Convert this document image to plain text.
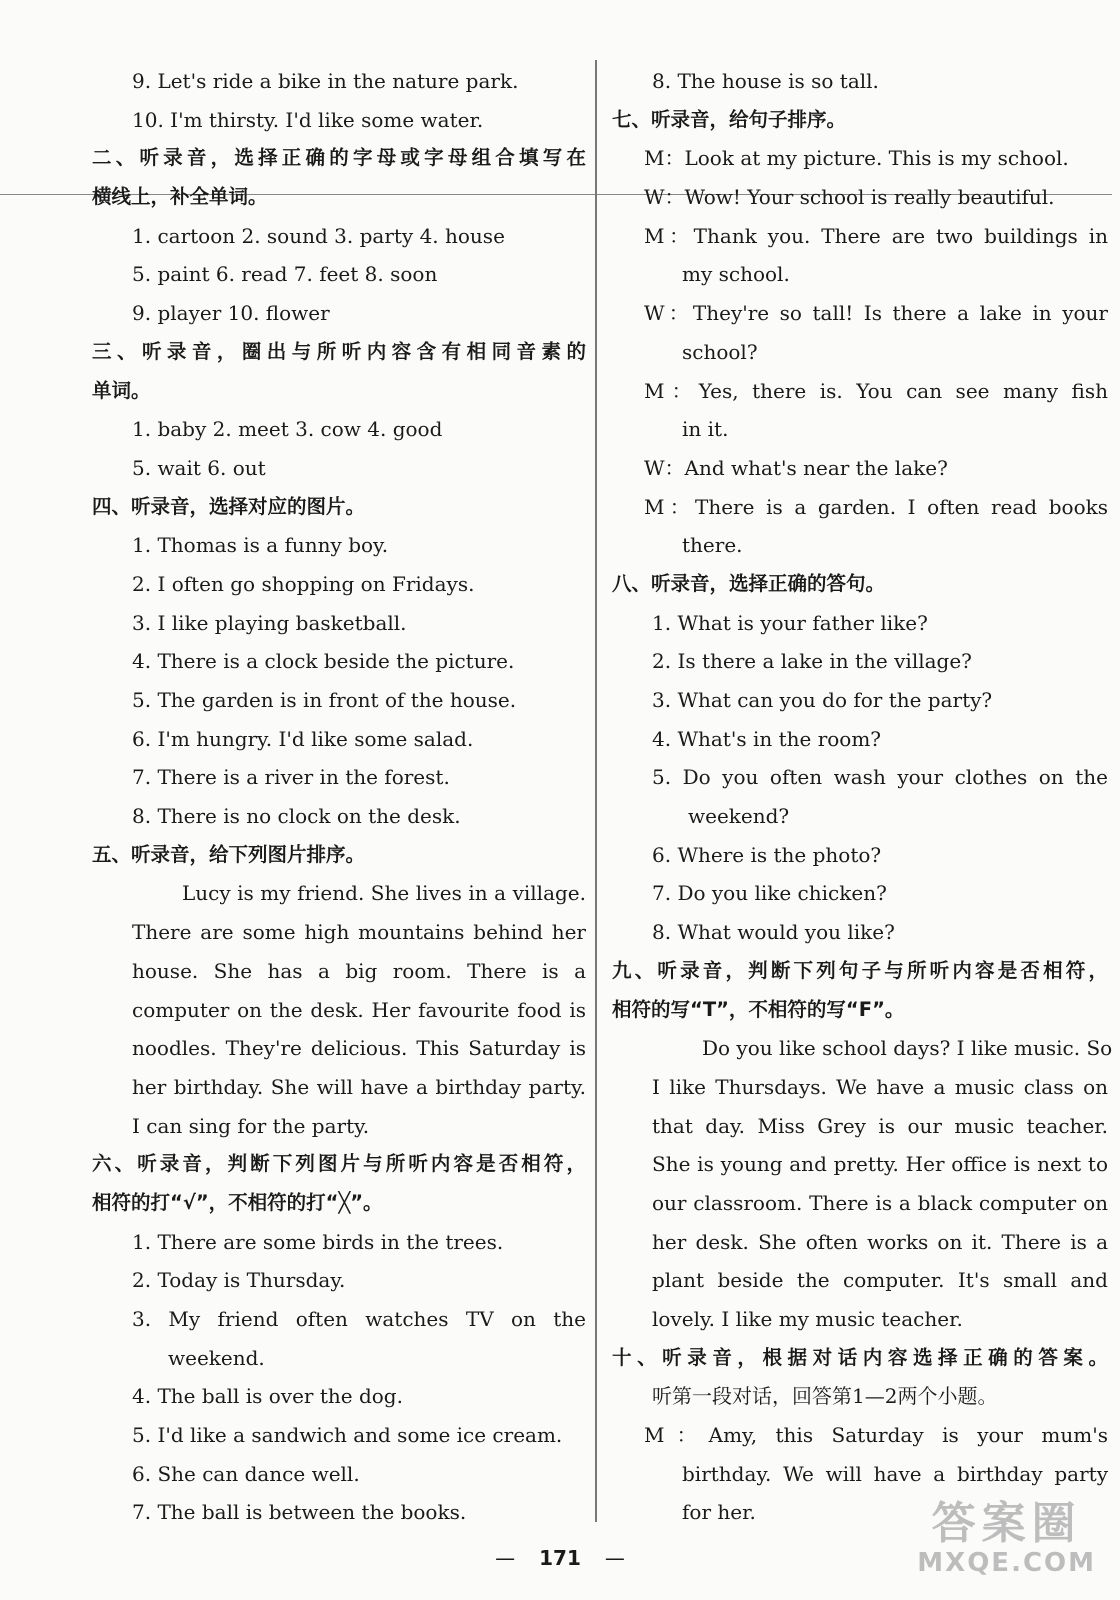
9. Let's ride a bike in the nature park.
10. I'm thirsty. I'd like some water.
二、听录音，选择正确的字母或字母组合填写在
横线上，补全单词。
1. cartoon 2. sound 3. party 4. house
5. paint 6. read 7. feet 8. soon
9. player 10. flower
三、听录音，圈出与所听内容含有相同音素的
单词。
1. baby 2. meet 3. cow 4. good
5. wait 6. out
四、听录音，选择对应的图片。
1. Thomas is a funny boy.
2. I often go shopping on Fridays.
3. I like playing basketball.
4. There is a clock beside the picture.
5. The garden is in front of the house.
6. I'm hungry. I'd like some salad.
7. There is a river in the forest.
8. There is no clock on the desk.
五、听录音，给下列图片排序。
Lucy is my friend. She lives in a village.
There are some high mountains behind her
house. She has a big room. There is a
computer on the desk. Her favourite food is
noodles. They're delicious. This Saturday is
her birthday. She will have a birthday party.
I can sing for the party.
六、听录音，判断下列图片与所听内容是否相符，
相符的打“√”，不相符的打“╳”。
1. There are some birds in the trees.
2. Today is Thursday.
3. My friend often watches TV on the
weekend.
4. The ball is over the dog.
5. I'd like a sandwich and some ice cream.
6. She can dance well.
7. The ball is between the books.
8. The house is so tall.
七、听录音，给句子排序。
M：Look at my picture. This is my school.
W：Wow! Your school is really beautiful.
M：Thank you. There are two buildings in
my school.
W：They're so tall! Is there a lake in your
school?
M：Yes, there is. You can see many fish
in it.
W：And what's near the lake?
M：There is a garden. I often read books
there.
八、听录音，选择正确的答句。
1. What is your father like?
2. Is there a lake in the village?
3. What can you do for the party?
4. What's in the room?
5. Do you often wash your clothes on the
weekend?
6. Where is the photo?
7. Do you like chicken?
8. What would you like?
九、听录音，判断下列句子与所听内容是否相符，
相符的写“T”，不相符的写“F”。
Do you like school days? I like music. So
I like Thursdays. We have a music class on
that day. Miss Grey is our music teacher.
She is young and pretty. Her office is next to
our classroom. There is a black computer on
her desk. She often works on it. There is a
plant beside the computer. It's small and
lovely. I like my music teacher.
十、听录音，根据对话内容选择正确的答案。
听第一段对话，回答第1—2两个小题。
M：Amy, this Saturday is your mum's
birthday. We will have a birthday party
for her.
— 171 —
答案圈
MXQE.COM
